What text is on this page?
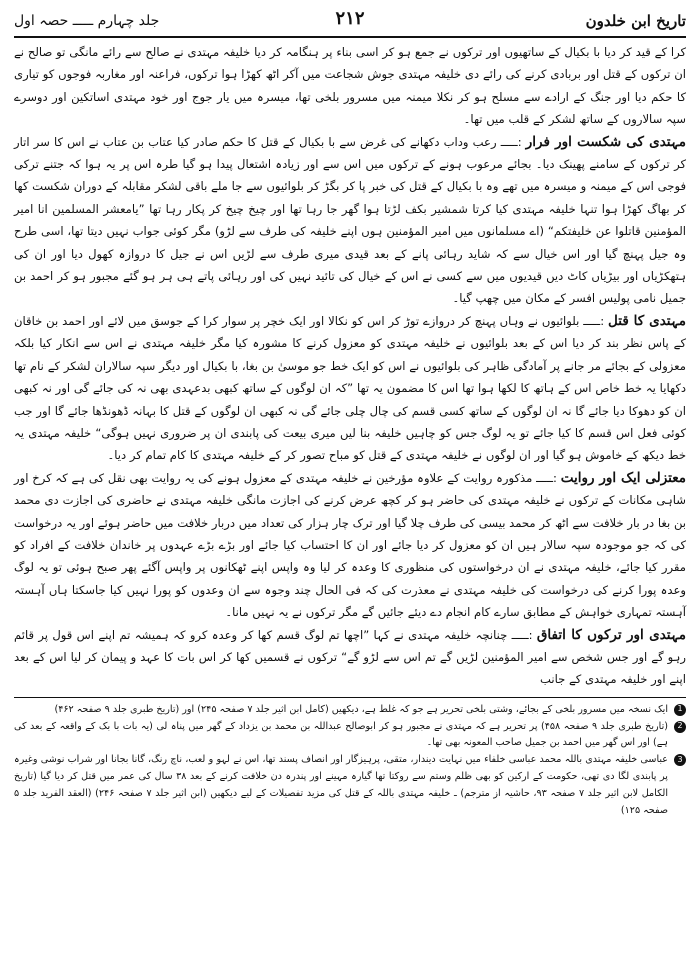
تاریخ ابن خلدون
۲۱۲
جلد چہارم ـــــ حصہ اول

کرا کے قید کر دیا با بکیال کے ساتھیوں اور ترکوں نے جمع ہو کر اسی بناء پر ہنگامہ کر دیا خلیفہ مہتدی نے صالح سے رائے مانگی تو صالح نے ان ترکوں کے قتل اور بربادی کرنے کی رائے دی خلیفہ مہتدی جوش شجاعت میں آکر اٹھ کھڑا ہوا ترکوں، فراعنہ اور مغاربہ فوجوں کو تیاری کا حکم دیا اور جنگ کے ارادے سے مسلح ہو کر نکلا میمنہ میں مسرور بلخی تھا، میسرہ میں یار جوج اور خود مہتدی اساتکین اور دوسرے سپہ سالاروں کے ساتھ لشکر کے قلب میں تھا۔

مہتدی کی شکست اور فرار :ـــــ رعب وداب دکھانے کی غرض سے با بکیال کے قتل کا حکم صادر کیا عتاب بن عتاب نے اس کا سر اتار کر ترکوں کے سامنے پھینک دیا۔ بجائے مرعوب ہونے کے ترکوں میں اس سے اور زیادہ اشتعال پیدا ہو گیا طرہ اس پر یہ ہوا کہ جتنے ترکی فوجی اس کے میمنہ و میسرہ میں تھے وہ با بکیال کے قتل کی خبر پا کر بگڑ کر بلوائیوں سے جا ملے باقی لشکر مقابلہ کے دوران شکست کھا کر بھاگ کھڑا ہوا تنہا خلیفہ مہتدی کیا کرتا شمشیر بکف لڑتا ہوا گھر جا رہا تھا اور چیخ چیخ کر پکار رہا تھا ”یامعشر المسلمین انا امیر المؤمنین قاتلوا عن خلیفتکم“ (اے مسلمانوں میں امیر المؤمنین ہوں اپنے خلیفہ کی طرف سے لڑو) مگر کوئی جواب نہیں دیتا تھا، اسی طرح وہ جیل پہنچ گیا اور اس خیال سے کہ شاید رہائی پانے کے بعد قیدی میری طرف سے لڑیں اس نے جیل کا دروازہ کھول دیا اور ان کی ہتھکڑیاں اور بیڑیاں کاٹ دیں قیدیوں میں سے کسی نے اس کے خیال کی تائید نہیں کی اور رہائی پاتے ہی ہر ہو گئے مجبور ہو کر احمد بن جمیل نامی پولیس افسر کے مکان میں چھپ گیا۔

مہتدی کا قتل :ـــــ بلوائیوں نے وہاں پہنچ کر دروازے توڑ کر اس کو نکالا اور ایک خچر پر سوار کرا کے جوسق میں لائے اور احمد بن خاقان کے پاس نظر بند کر دیا اس کے بعد بلوائیوں نے خلیفہ مہتدی کو معزول کرنے کا مشورہ کیا مگر خلیفہ مہتدی نے اس سے انکار کیا بلکہ معزولی کے بجائے مر جانے پر آمادگی ظاہر کی بلوائیوں نے اس کو ایک خط جو موسیٰ بن بغا، با بکیال اور دیگر سپہ سالاران لشکر کے نام تھا دکھایا یہ خط خاص اس کے ہاتھ کا لکھا ہوا تھا اس کا مضمون یہ تھا ”کہ ان لوگوں کے ساتھ کبھی بدعہدی بھی نہ کی جائے گی اور نہ کبھی ان کو دھوکا دیا جائے گا نہ ان لوگوں کے ساتھ کسی قسم کی چال چلی جائے گی نہ کبھی ان لوگوں کے قتل کا بہانہ ڈھونڈھا جائے گا اور جب کوئی فعل اس قسم کا کیا جائے تو یہ لوگ جس کو چاہیں خلیفہ بنا لیں میری بیعت کی پابندی ان پر ضروری نہیں ہوگی“ خلیفہ مہتدی یہ خط دیکھ کے خاموش ہو گیا اور ان لوگوں نے خلیفہ مہتدی کے قتل کو مباح تصور کر کے خلیفہ مہتدی کا کام تمام کر دیا۔

معتزلی ایک اور روایت :ـــــ مذکورہ روایت کے علاوہ مؤرخین نے خلیفہ مہتدی کے معزول ہونے کی یہ روایت بھی نقل کی ہے کہ کرخ اور شاہی مکانات کے ترکوں نے خلیفہ مہتدی کی حاضر ہو کر کچھ عرض کرنے کی اجازت مانگی خلیفہ مہتدی نے حاضری کی اجازت دی محمد بن بغا در بار خلافت سے اٹھ کر محمد بیسی کی طرف چلا گیا اور ترک چار ہزار کی تعداد میں دربار خلافت میں حاضر ہوئے اور یہ درخواست کی کہ جو موجودہ سپہ سالار ہیں ان کو معزول کر دیا جائے اور ان کا احتساب کیا جائے اور بڑے بڑے عہدوں پر خاندان خلافت کے افراد کو مقرر کیا جائے، خلیفہ مہتدی نے ان درخواستوں کی منظوری کا وعدہ کر لیا وہ واپس اپنے ٹھکانوں پر واپس آگئے پھر صبح ہوئی تو یہ لوگ وعدہ پورا کرنے کی درخواست کی خلیفہ مہتدی نے معذرت کی کہ فی الحال چند وجوہ سے ان وعدوں کو پورا نہیں کیا جاسکتا ہاں آہستہ آہستہ تمہاری خواہش کے مطابق سارے کام انجام دے دیئے جائیں گے مگر ترکوں نے یہ نہیں مانا۔

مہتدی اور ترکوں کا اتفاق :ـــــ چنانچہ خلیفہ مہتدی نے کہا ”اچھا تم لوگ قسم کھا کر وعدہ کرو کہ ہمیشہ تم اپنے اس قول پر قائم رہو گے اور جس شخص سے امیر المؤمنین لڑیں گے تم اس سے لڑو گے“ ترکوں نے قسمیں کھا کر اس بات کا عہد و پیمان کر لیا اس کے بعد اپنے اور خلیفہ مہتدی کے جانب

1
ایک نسخہ میں مسرور بلخی کے بجائے، وشتی بلخی تحریر ہے جو کہ غلط ہے، دیکھیں (کامل ابن اثیر جلد ۷ صفحہ ۲۴۵) اور (تاریخ طبری جلد ۹ صفحہ ۴۶۲)
2
(تاریخ طبری جلد ۹ صفحہ ۴۵۸) پر تحریر ہے کہ مہتدی نے مجبور ہو کر ابوصالح عبداللہ بن محمد بن یزداد کے گھر میں پناہ لی (یہ بات با بک کے واقعہ کے بعد کی ہے) اور اس گھر میں احمد بن جمیل صاحب المعونہ بھی تھا۔
3
عباسی خلیفہ مہتدی باللہ محمد عباسی خلفاء میں نہایت دیندار، متقی، پرہیزگار اور انصاف پسند تھا، اس نے لہو و لعب، ناچ رنگ، گانا بجانا اور شراب نوشی وغیرہ پر پابندی لگا دی تھی، حکومت کے ارکین کو بھی ظلم وستم سے روکتا تھا گیارہ مہینے اور پندرہ دن خلافت کرنے کے بعد ۳۸ سال کی عمر میں قتل کر دیا گیا (تاریخ الکامل لابن اثیر جلد ۷ صفحہ ۹۳، حاشیہ از مترجم) ـ خلیفہ مہتدی باللہ کے قتل کی مزید تفصیلات کے لیے دیکھیں (ابن اثیر جلد ۷ صفحہ ۲۴۶) (العقد الفرید جلد ۵ صفحہ ۱۲۵)
